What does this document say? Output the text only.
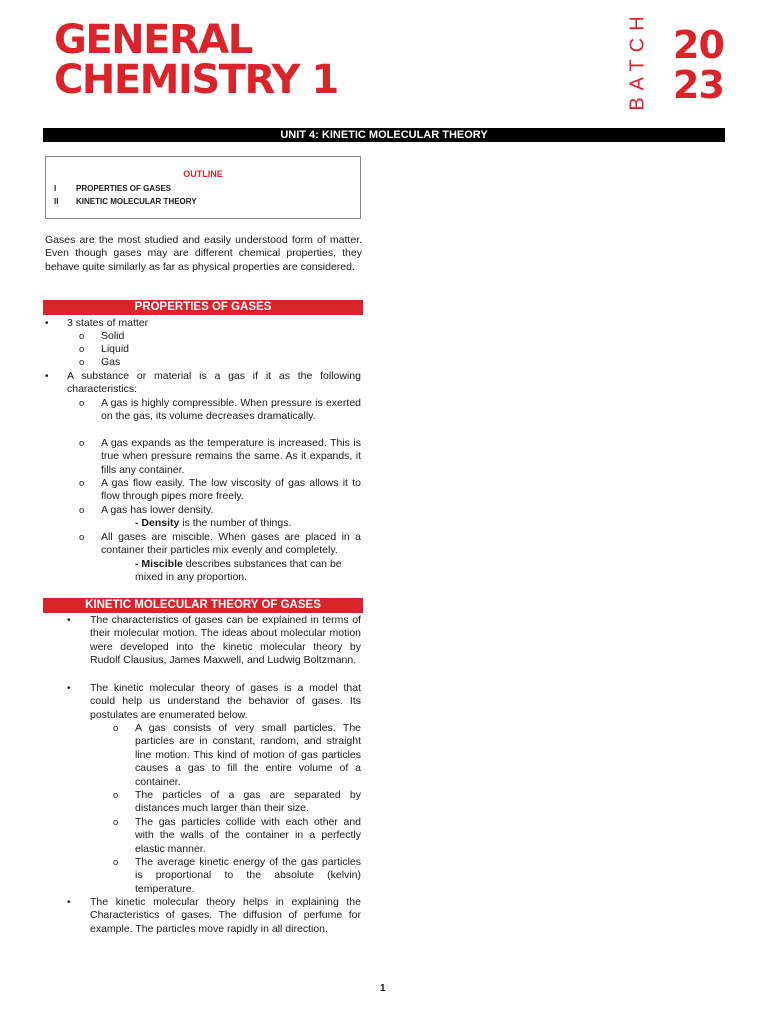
GENERAL
CHEMISTRY 1	BATCH 20
23
UNIT 4: KINETIC MOLECULAR THEORY
OUTLINE
I PROPERTIES OF GASES
II KINETIC MOLECULAR THEORY
Gases are the most studied and easily understood form of matter. Even though gases may are different chemical properties, they behave quite similarly as far as physical properties are considered.
PROPERTIES OF GASES
• 3 states of matter
o Solid
o Liquid
o Gas
• A substance or material is a gas if it as the following characteristics:
o A gas is highly compressible. When pressure is exerted on the gas, its volume decreases dramatically.
o A gas expands as the temperature is increased. This is true when pressure remains the same. As it expands, it fills any container.
o A gas flow easily. The low viscosity of gas allows it to flow through pipes more freely.
o A gas has lower density.
- Density is the number of things.
o All gases are miscible. When gases are placed in a container their particles mix evenly and completely.
- Miscible describes substances that can be mixed in any proportion.
KINETIC MOLECULAR THEORY OF GASES
• The characteristics of gases can be explained in terms of their molecular motion. The ideas about molecular motion were developed into the kinetic molecular theory by Rudolf Clausius, James Maxwell, and Ludwig Boltzmann.
• The kinetic molecular theory of gases is a model that could help us understand the behavior of gases. Its postulates are enumerated below.
o A gas consists of very small particles. The particles are in constant, random, and straight line motion. This kind of motion of gas particles causes a gas to fill the entire volume of a container.
o The particles of a gas are separated by distances much larger than their size.
o The gas particles collide with each other and with the walls of the container in a perfectly elastic manner.
o The average kinetic energy of the gas particles is proportional to the absolute (kelvin) temperature.
• The kinetic molecular theory helps in explaining the Characteristics of gases. The diffusion of perfume for example. The particles move rapidly in all direction.
1
